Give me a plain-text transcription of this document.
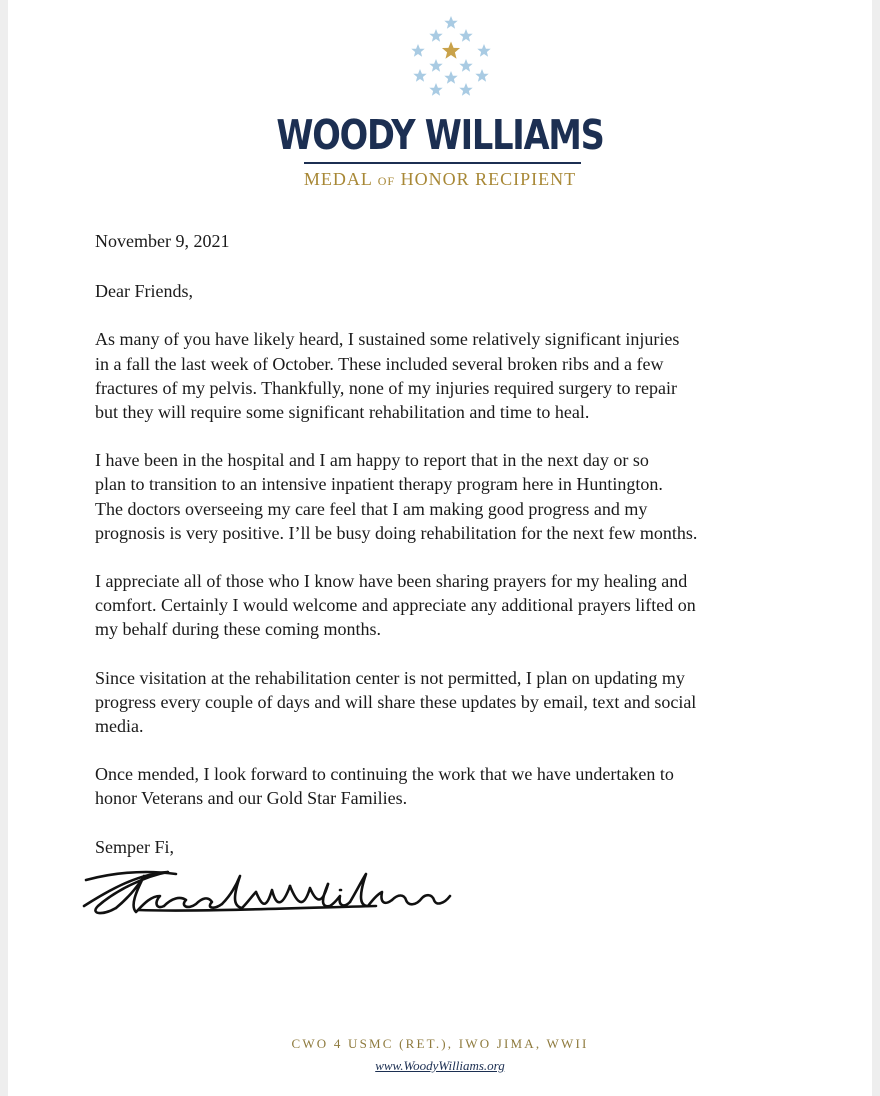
WOODY WILLIAMS
MEDAL OF HONOR RECIPIENT

November 9, 2021

Dear Friends,

As many of you have likely heard, I sustained some relatively significant injuries
in a fall the last week of October. These included several broken ribs and a few
fractures of my pelvis. Thankfully, none of my injuries required surgery to repair
but they will require some significant rehabilitation and time to heal.

I have been in the hospital and I am happy to report that in the next day or so
plan to transition to an intensive inpatient therapy program here in Huntington.
The doctors overseeing my care feel that I am making good progress and my
prognosis is very positive. I’ll be busy doing rehabilitation for the next few months.

I appreciate all of those who I know have been sharing prayers for my healing and
comfort. Certainly I would welcome and appreciate any additional prayers lifted on
my behalf during these coming months.

Since visitation at the rehabilitation center is not permitted, I plan on updating my
progress every couple of days and will share these updates by email, text and social
media.

Once mended, I look forward to continuing the work that we have undertaken to
honor Veterans and our Gold Star Families.

Semper Fi,

CWO 4 USMC (RET.), IWO JIMA, WWII
www.WoodyWilliams.org
